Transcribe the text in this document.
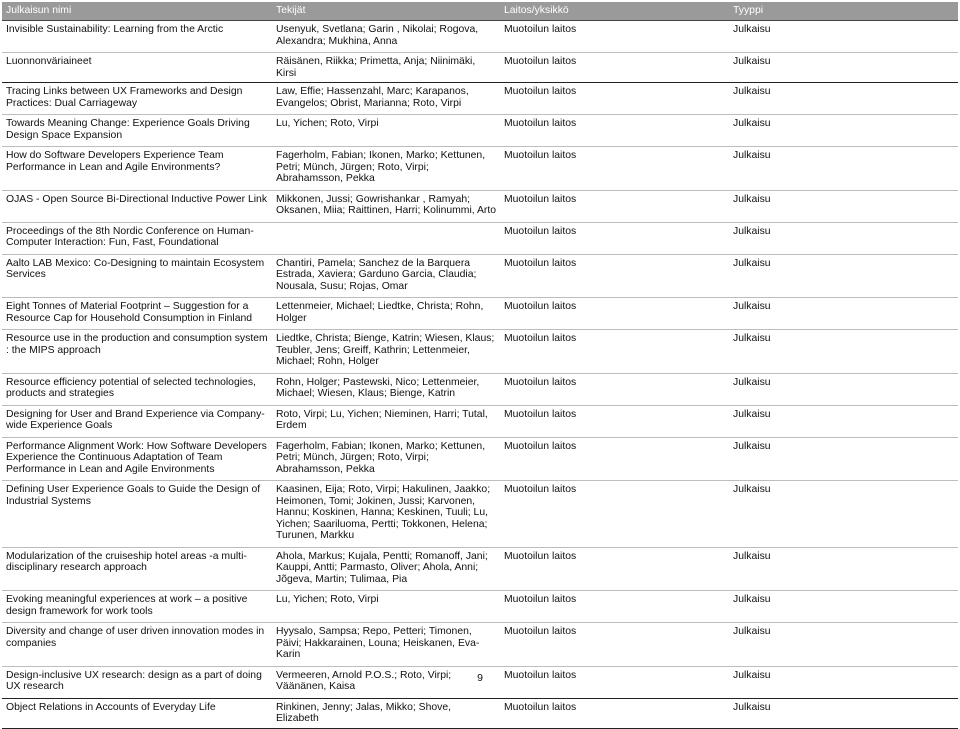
Julkaisun nimi	Tekijät	Laitos/yksikkö	Tyyppi
Invisible Sustainability: Learning from the Arctic	Usenyuk, Svetlana; Garin , Nikolai; Rogova, Alexandra; Mukhina, Anna	Muotoilun laitos	Julkaisu
Luonnonväriaineet	Räisänen, Riikka; Primetta, Anja; Niinimäki, Kirsi	Muotoilun laitos	Julkaisu
Tracing Links between UX Frameworks and Design Practices: Dual Carriageway	Law, Effie; Hassenzahl, Marc; Karapanos, Evangelos; Obrist, Marianna; Roto, Virpi	Muotoilun laitos	Julkaisu
Towards Meaning Change: Experience Goals Driving Design Space Expansion	Lu, Yichen; Roto, Virpi	Muotoilun laitos	Julkaisu
How do Software Developers Experience Team Performance in Lean and Agile Environments?	Fagerholm, Fabian; Ikonen, Marko; Kettunen, Petri; Münch, Jürgen; Roto, Virpi; Abrahamsson, Pekka	Muotoilun laitos	Julkaisu
OJAS - Open Source Bi-Directional Inductive Power Link	Mikkonen, Jussi; Gowrishankar , Ramyah; Oksanen, Miia; Raittinen, Harri; Kolinummi, Arto	Muotoilun laitos	Julkaisu
Proceedings of the 8th Nordic Conference on Human-Computer Interaction: Fun, Fast, Foundational		Muotoilun laitos	Julkaisu
Aalto LAB Mexico: Co-Designing to maintain Ecosystem Services	Chantiri, Pamela; Sanchez de la Barquera Estrada, Xaviera; Garduno Garcia, Claudia; Nousala, Susu; Rojas, Omar	Muotoilun laitos	Julkaisu
Eight Tonnes of Material Footprint – Suggestion for a Resource Cap for Household Consumption in Finland	Lettenmeier, Michael; Liedtke, Christa; Rohn, Holger	Muotoilun laitos	Julkaisu
Resource use in the production and consumption system : the MIPS approach	Liedtke, Christa; Bienge, Katrin; Wiesen, Klaus; Teubler, Jens; Greiff, Kathrin; Lettenmeier, Michael; Rohn, Holger	Muotoilun laitos	Julkaisu
Resource efficiency potential of selected technologies, products and strategies	Rohn, Holger; Pastewski, Nico; Lettenmeier, Michael; Wiesen, Klaus; Bienge, Katrin	Muotoilun laitos	Julkaisu
Designing for User and Brand Experience via Company-wide Experience Goals	Roto, Virpi; Lu, Yichen; Nieminen, Harri; Tutal, Erdem	Muotoilun laitos	Julkaisu
Performance Alignment Work: How Software Developers Experience the Continuous Adaptation of Team Performance in Lean and Agile Environments	Fagerholm, Fabian; Ikonen, Marko; Kettunen, Petri; Münch, Jürgen; Roto, Virpi; Abrahamsson, Pekka	Muotoilun laitos	Julkaisu
Defining User Experience Goals to Guide the Design of Industrial Systems	Kaasinen, Eija; Roto, Virpi; Hakulinen, Jaakko; Heimonen, Tomi; Jokinen, Jussi; Karvonen, Hannu; Koskinen, Hanna; Keskinen, Tuuli; Lu, Yichen; Saariluoma, Pertti; Tokkonen, Helena; Turunen, Markku	Muotoilun laitos	Julkaisu
Modularization of the cruiseship hotel areas -a multi-disciplinary research approach	Ahola, Markus; Kujala, Pentti; Romanoff, Jani; Kauppi, Antti; Parmasto, Oliver; Ahola, Anni; Jõgeva, Martin; Tulimaa, Pia	Muotoilun laitos	Julkaisu
Evoking meaningful experiences at work – a positive design framework for work tools	Lu, Yichen; Roto, Virpi	Muotoilun laitos	Julkaisu
Diversity and change of user driven innovation modes in companies	Hyysalo, Sampsa; Repo, Petteri; Timonen, Päivi; Hakkarainen, Louna; Heiskanen, Eva-Karin	Muotoilun laitos	Julkaisu
Design-inclusive UX research: design as a part of doing UX research	Vermeeren, Arnold P.O.S.; Roto, Virpi; Väänänen, Kaisa	Muotoilun laitos	Julkaisu
Object Relations in Accounts of Everyday Life	Rinkinen, Jenny; Jalas, Mikko; Shove, Elizabeth	Muotoilun laitos	Julkaisu
9
